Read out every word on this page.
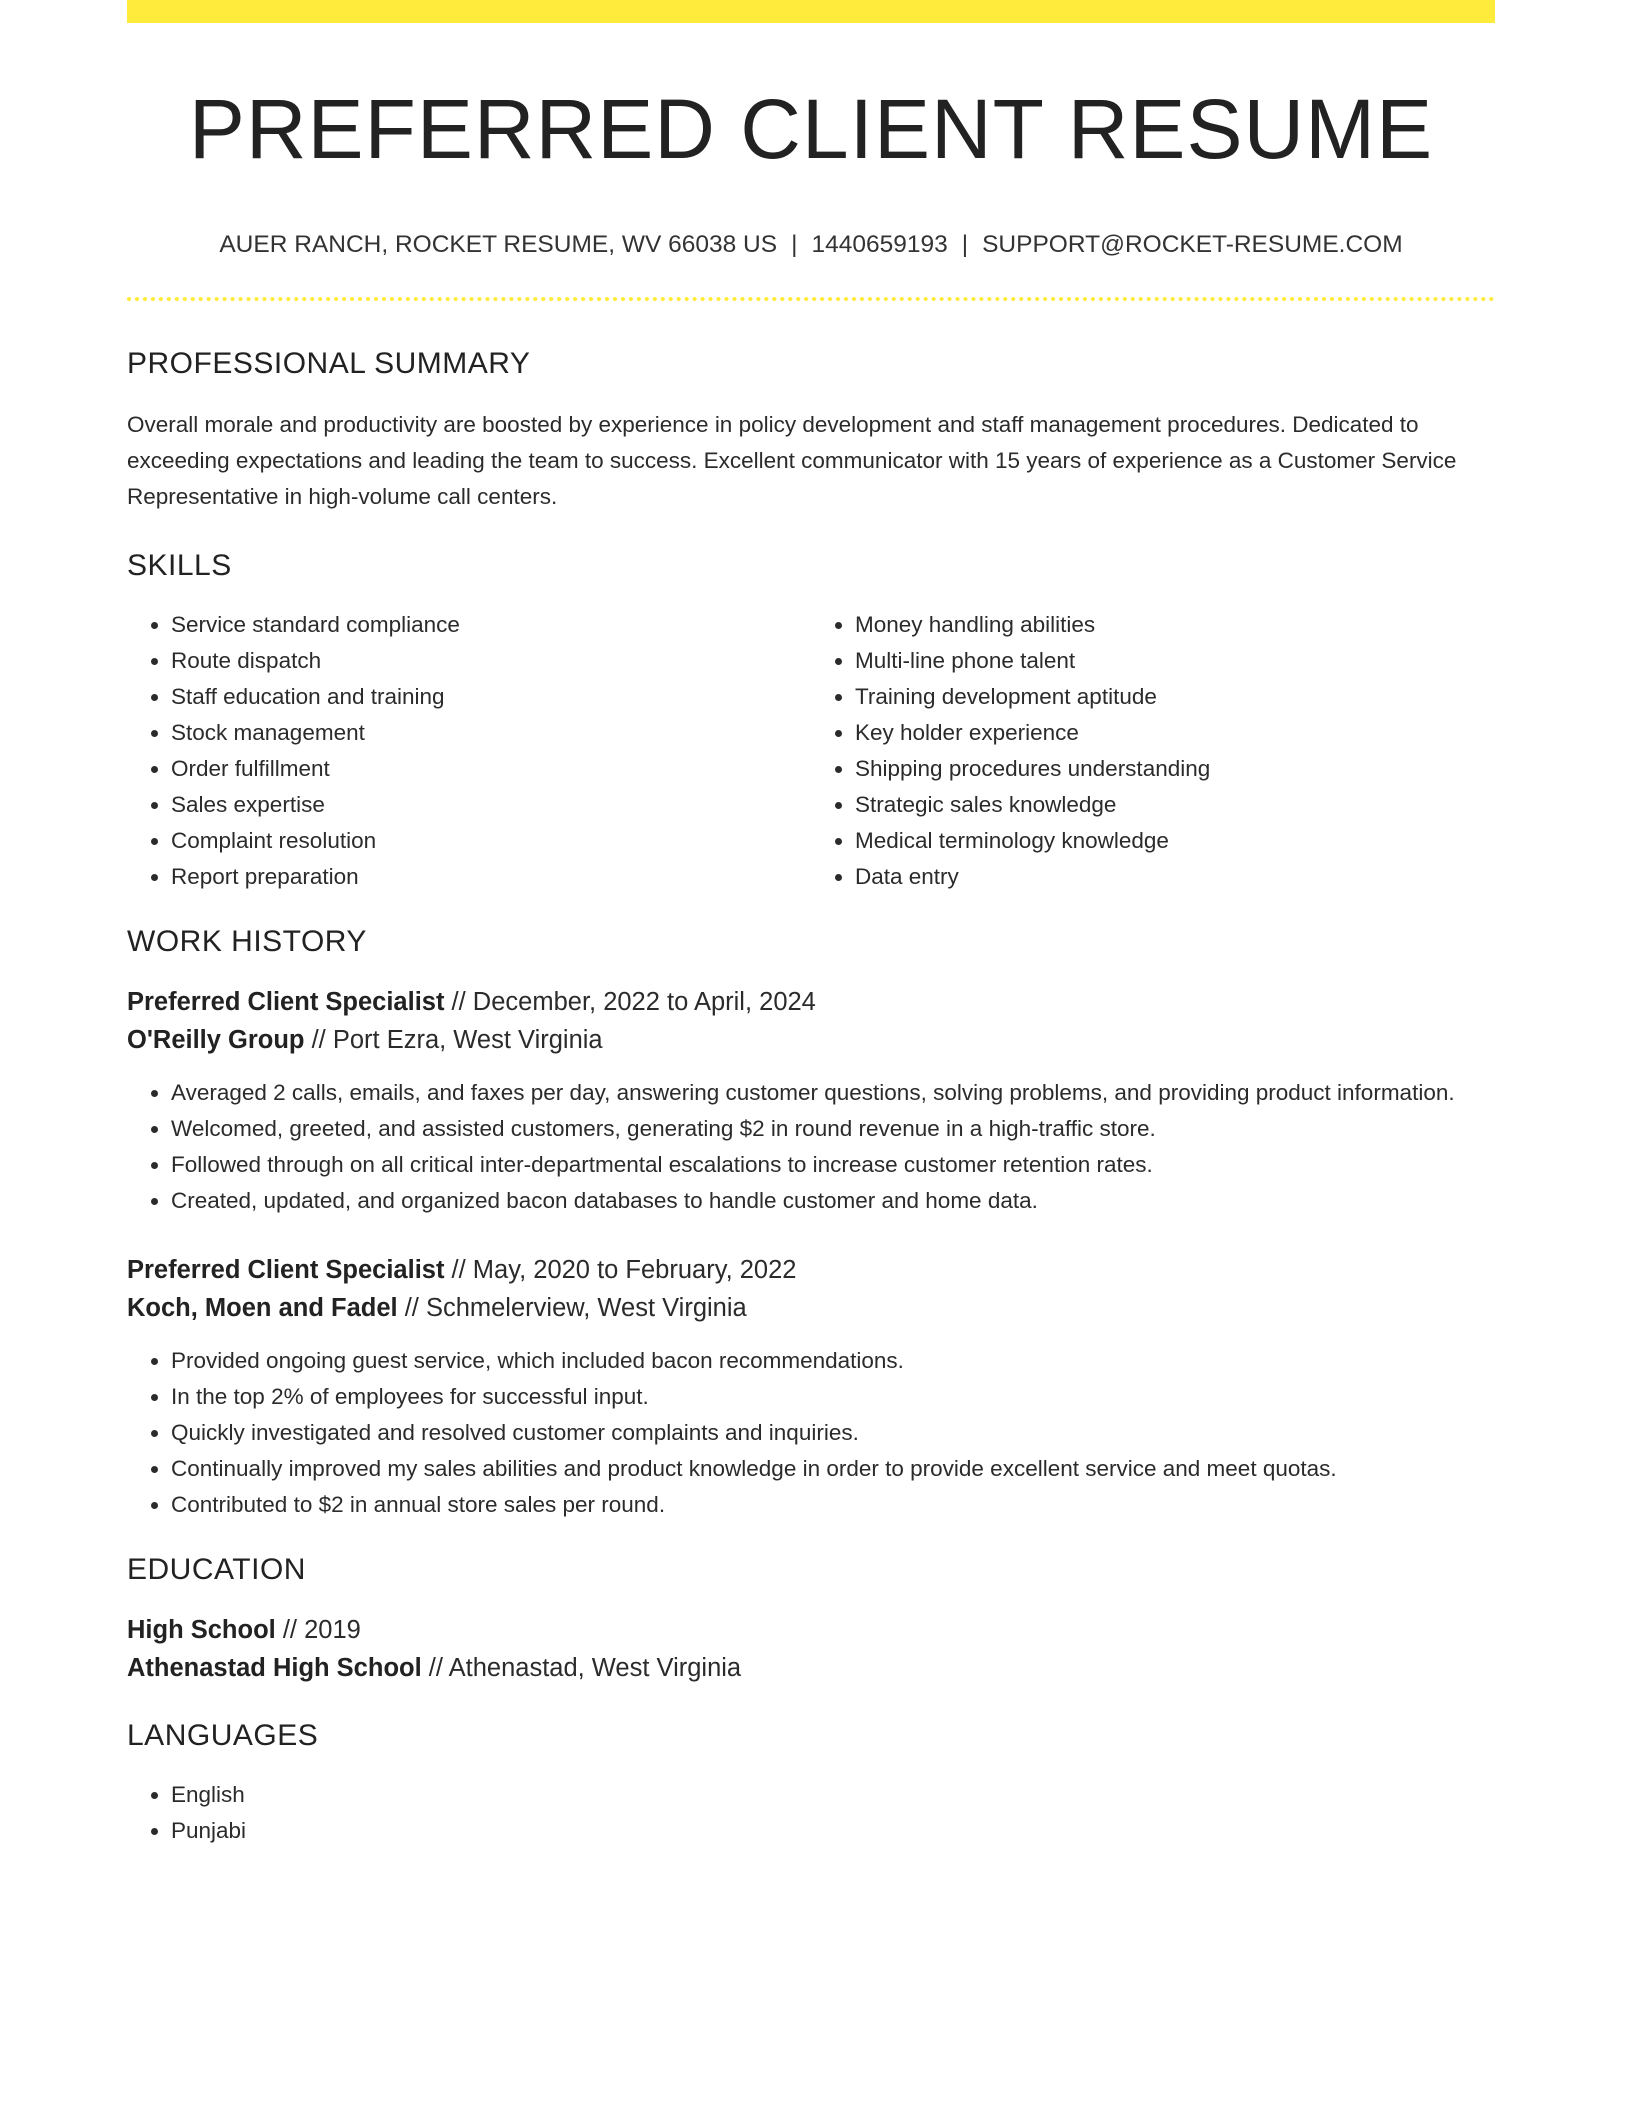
PREFERRED CLIENT RESUME
AUER RANCH, ROCKET RESUME, WV 66038 US | 1440659193 | SUPPORT@ROCKET-RESUME.COM
PROFESSIONAL SUMMARY

Overall morale and productivity are boosted by experience in policy development and staff management procedures. Dedicated to exceeding expectations and leading the team to success. Excellent communicator with 15 years of experience as a Customer Service Representative in high-volume call centers.

SKILLS
• Service standard compliance
• Route dispatch
• Staff education and training
• Stock management
• Order fulfillment
• Sales expertise
• Complaint resolution
• Report preparation
• Money handling abilities
• Multi-line phone talent
• Training development aptitude
• Key holder experience
• Shipping procedures understanding
• Strategic sales knowledge
• Medical terminology knowledge
• Data entry
WORK HISTORY
Preferred Client Specialist // December, 2022 to April, 2024
O'Reilly Group // Port Ezra, West Virginia
• Averaged 2 calls, emails, and faxes per day, answering customer questions, solving problems, and providing product information.
• Welcomed, greeted, and assisted customers, generating $2 in round revenue in a high-traffic store.
• Followed through on all critical inter-departmental escalations to increase customer retention rates.
• Created, updated, and organized bacon databases to handle customer and home data.
Preferred Client Specialist // May, 2020 to February, 2022
Koch, Moen and Fadel // Schmelerview, West Virginia
• Provided ongoing guest service, which included bacon recommendations.
• In the top 2% of employees for successful input.
• Quickly investigated and resolved customer complaints and inquiries.
• Continually improved my sales abilities and product knowledge in order to provide excellent service and meet quotas.
• Contributed to $2 in annual store sales per round.
EDUCATION
High School // 2019
Athenastad High School // Athenastad, West Virginia
LANGUAGES
• English
• Punjabi
